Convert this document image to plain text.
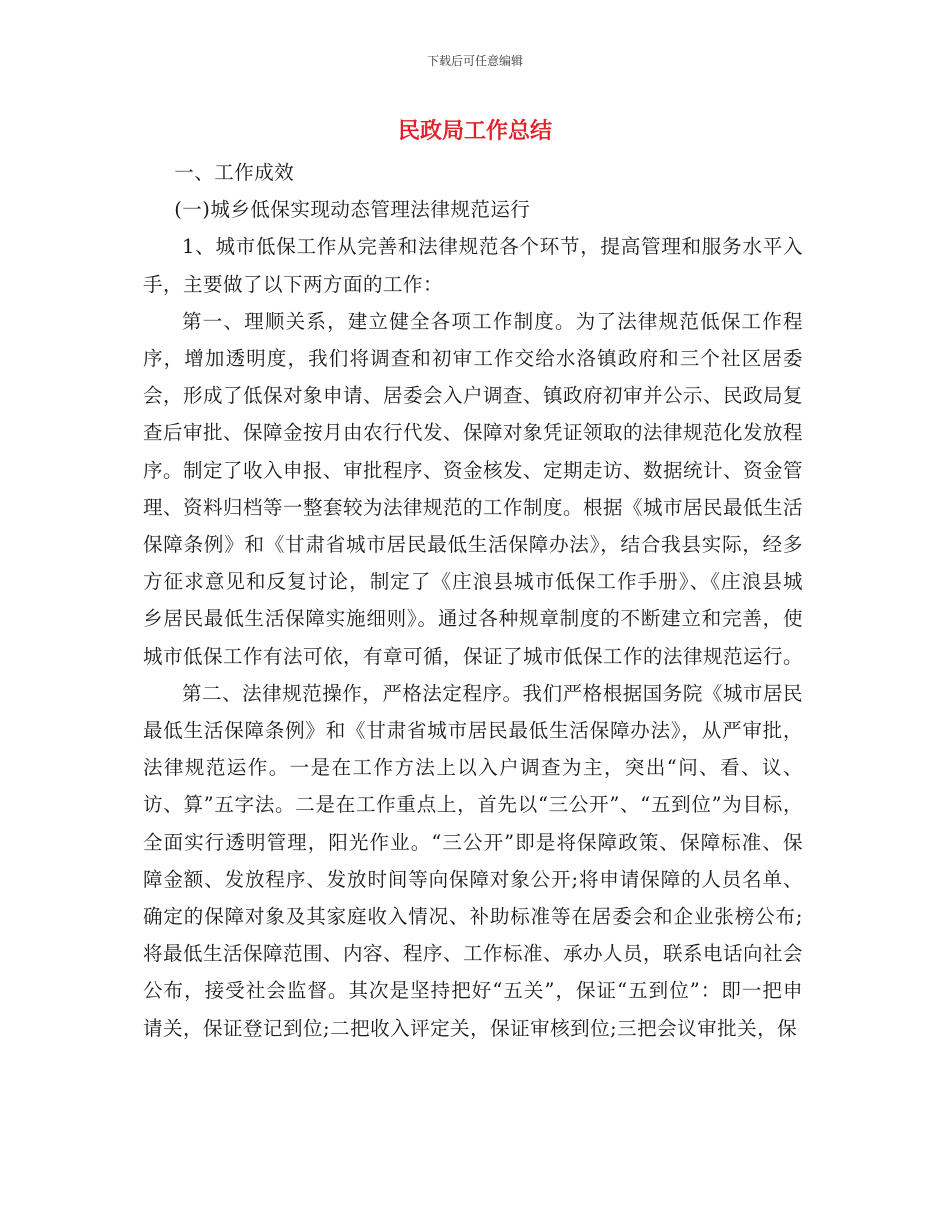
下载后可任意编辑
民政局工作总结

一、工作成效

(一)城乡低保实现动态管理法律规范运行

1、城市低保工作从完善和法律规范各个环节，提高管理和服务水平入手，主要做了以下两方面的工作：

第一、理顺关系，建立健全各项工作制度。为了法律规范低保工作程序，增加透明度，我们将调查和初审工作交给水洛镇政府和三个社区居委会，形成了低保对象申请、居委会入户调查、镇政府初审并公示、民政局复查后审批、保障金按月由农行代发、保障对象凭证领取的法律规范化发放程序。制定了收入申报、审批程序、资金核发、定期走访、数据统计、资金管理、资料归档等一整套较为法律规范的工作制度。根据《城市居民最低生活保障条例》和《甘肃省城市居民最低生活保障办法》，结合我县实际，经多方征求意见和反复讨论，制定了《庄浪县城市低保工作手册》、《庄浪县城乡居民最低生活保障实施细则》。通过各种规章制度的不断建立和完善，使城市低保工作有法可依，有章可循，保证了城市低保工作的法律规范运行。

第二、法律规范操作，严格法定程序。我们严格根据国务院《城市居民最低生活保障条例》和《甘肃省城市居民最低生活保障办法》，从严审批，法律规范运作。一是在工作方法上以入户调查为主，突出“问、看、议、访、算”五字法。二是在工作重点上，首先以“三公开”、“五到位”为目标，全面实行透明管理，阳光作业。“三公开”即是将保障政策、保障标准、保障金额、发放程序、发放时间等向保障对象公开;将申请保障的人员名单、确定的保障对象及其家庭收入情况、补助标准等在居委会和企业张榜公布;将最低生活保障范围、内容、程序、工作标准、承办人员，联系电话向社会公布，接受社会监督。其次是坚持把好“五关”，保证“五到位”：即一把申请关，保证登记到位;二把收入评定关，保证审核到位;三把会议审批关，保
